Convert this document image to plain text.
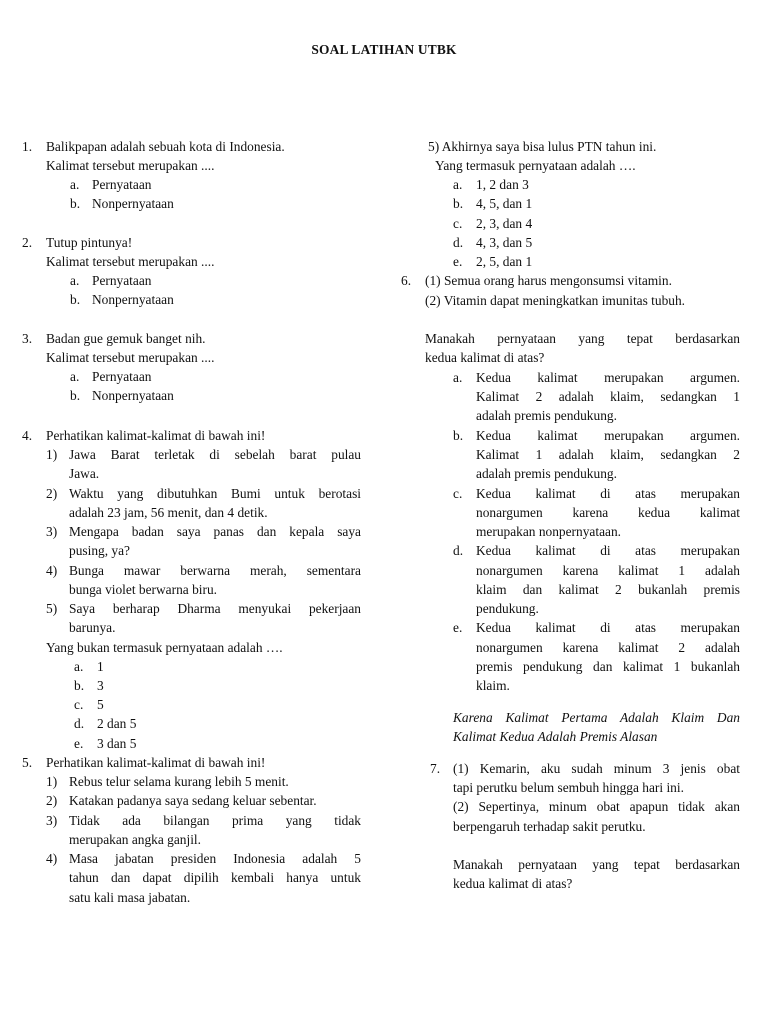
SOAL LATIHAN UTBK
1. Balikpapan adalah sebuah kota di Indonesia.
Kalimat tersebut merupakan ....
a. Pernyataan
b. Nonpernyataan
2. Tutup pintunya!
Kalimat tersebut merupakan ....
a. Pernyataan
b. Nonpernyataan
3. Badan gue gemuk banget nih.
Kalimat tersebut merupakan ....
a. Pernyataan
b. Nonpernyataan
4. Perhatikan kalimat-kalimat di bawah ini!
1) Jawa Barat terletak di sebelah barat pulau
Jawa.
2) Waktu yang dibutuhkan Bumi untuk berotasi
adalah 23 jam, 56 menit, dan 4 detik.
3) Mengapa badan saya panas dan kepala saya
pusing, ya?
4) Bunga mawar berwarna merah, sementara
bunga violet berwarna biru.
5) Saya berharap Dharma menyukai pekerjaan
barunya.
Yang bukan termasuk pernyataan adalah ….
a. 1
b. 3
c. 5
d. 2 dan 5
e. 3 dan 5
5. Perhatikan kalimat-kalimat di bawah ini!
1) Rebus telur selama kurang lebih 5 menit.
2) Katakan padanya saya sedang keluar sebentar.
3) Tidak ada bilangan prima yang tidak
merupakan angka ganjil.
4) Masa jabatan presiden Indonesia adalah 5
tahun dan dapat dipilih kembali hanya untuk
satu kali masa jabatan.
5) Akhirnya saya bisa lulus PTN tahun ini.
Yang termasuk pernyataan adalah ….
a. 1, 2 dan 3
b. 4, 5, dan 1
c. 2, 3, dan 4
d. 4, 3, dan 5
e. 2, 5, dan 1
6. (1) Semua orang harus mengonsumsi vitamin.
(2) Vitamin dapat meningkatkan imunitas tubuh.
Manakah pernyataan yang tepat berdasarkan
kedua kalimat di atas?
a. Kedua kalimat merupakan argumen.
Kalimat 2 adalah klaim, sedangkan 1
adalah premis pendukung.
b. Kedua kalimat merupakan argumen.
Kalimat 1 adalah klaim, sedangkan 2
adalah premis pendukung.
c. Kedua kalimat di atas merupakan
nonargumen karena kedua kalimat
merupakan nonpernyataan.
d. Kedua kalimat di atas merupakan
nonargumen karena kalimat 1 adalah
klaim dan kalimat 2 bukanlah premis
pendukung.
e. Kedua kalimat di atas merupakan
nonargumen karena kalimat 2 adalah
premis pendukung dan kalimat 1 bukanlah
klaim.
Karena Kalimat Pertama Adalah Klaim Dan
Kalimat Kedua Adalah Premis Alasan
7. (1) Kemarin, aku sudah minum 3 jenis obat
tapi perutku belum sembuh hingga hari ini.
(2) Sepertinya, minum obat apapun tidak akan
berpengaruh terhadap sakit perutku.
Manakah pernyataan yang tepat berdasarkan
kedua kalimat di atas?
